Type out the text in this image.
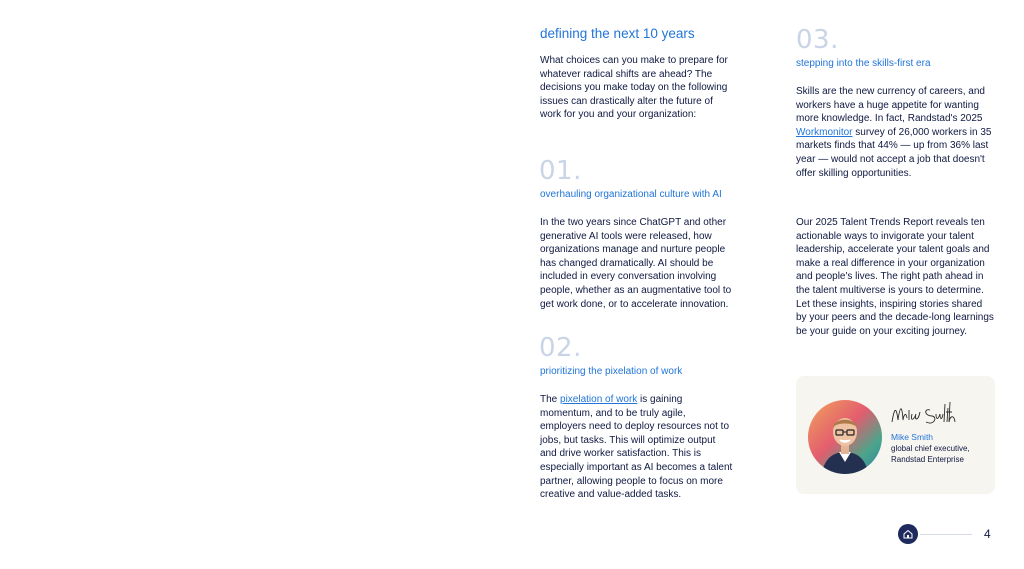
defining the next 10 years

What choices can you make to prepare for whatever radical shifts are ahead? The decisions you make today on the following issues can drastically alter the future of work for you and your organization:

01.
overhauling organizational culture with AI

In the two years since ChatGPT and other generative AI tools were released, how organizations manage and nurture people has changed dramatically. AI should be included in every conversation involving people, whether as an augmentative tool to get work done, or to accelerate innovation.

02.
prioritizing the pixelation of work

The pixelation of work is gaining momentum, and to be truly agile, employers need to deploy resources not to jobs, but tasks. This will optimize output and drive worker satisfaction. This is especially important as AI becomes a talent partner, allowing people to focus on more creative and value-added tasks.

03.
stepping into the skills-first era

Skills are the new currency of careers, and workers have a huge appetite for wanting more knowledge. In fact, Randstad's 2025 Workmonitor survey of 26,000 workers in 35 markets finds that 44% — up from 36% last year — would not accept a job that doesn't offer skilling opportunities.

Our 2025 Talent Trends Report reveals ten actionable ways to invigorate your talent leadership, accelerate your talent goals and make a real difference in your organization and people's lives. The right path ahead in the talent multiverse is yours to determine. Let these insights, inspiring stories shared by your peers and the decade-long learnings be your guide on your exciting journey.

Mike Smith
global chief executive, Randstad Enterprise
4
